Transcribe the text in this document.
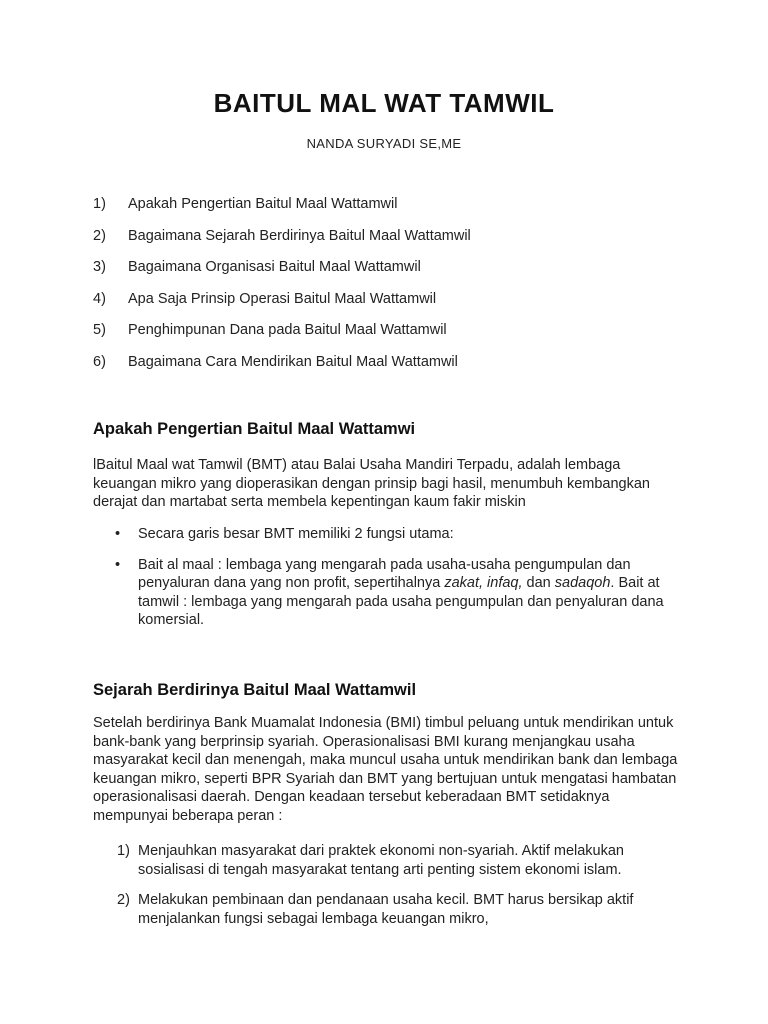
BAITUL MAL WAT TAMWIL
NANDA SURYADI SE,ME
1)	Apakah Pengertian Baitul Maal Wattamwil
2)	Bagaimana Sejarah Berdirinya Baitul Maal Wattamwil
3)	Bagaimana Organisasi Baitul Maal Wattamwil
4)	Apa Saja Prinsip Operasi Baitul Maal Wattamwil
5)	Penghimpunan Dana pada Baitul Maal Wattamwil
6)	Bagaimana Cara Mendirikan Baitul Maal Wattamwil
Apakah Pengertian Baitul Maal Wattamwi
lBaitul Maal wat Tamwil (BMT) atau Balai Usaha Mandiri Terpadu, adalah lembaga keuangan mikro yang dioperasikan dengan prinsip bagi hasil, menumbuh kembangkan derajat dan martabat serta membela kepentingan kaum fakir miskin
•	Secara garis besar BMT memiliki 2 fungsi utama:
•	Bait al maal : lembaga yang mengarah pada usaha-usaha pengumpulan dan penyaluran dana yang non profit, sepertihalnya zakat, infaq, dan sadaqoh. Bait at tamwil : lembaga yang mengarah pada usaha pengumpulan dan penyaluran dana komersial.
Sejarah Berdirinya Baitul Maal Wattamwil
Setelah berdirinya Bank Muamalat Indonesia (BMI) timbul peluang untuk mendirikan untuk bank-bank yang berprinsip syariah. Operasionalisasi BMI kurang menjangkau usaha masyarakat kecil dan menengah, maka muncul usaha untuk mendirikan bank dan lembaga keuangan mikro, seperti BPR Syariah dan BMT yang bertujuan untuk mengatasi hambatan operasionalisasi daerah. Dengan keadaan tersebut keberadaan BMT setidaknya mempunyai beberapa peran :
1) Menjauhkan masyarakat dari praktek ekonomi non-syariah. Aktif melakukan sosialisasi di tengah masyarakat tentang arti penting sistem ekonomi islam.
2) Melakukan pembinaan dan pendanaan usaha kecil. BMT harus bersikap aktif menjalankan fungsi sebagai lembaga keuangan mikro,
